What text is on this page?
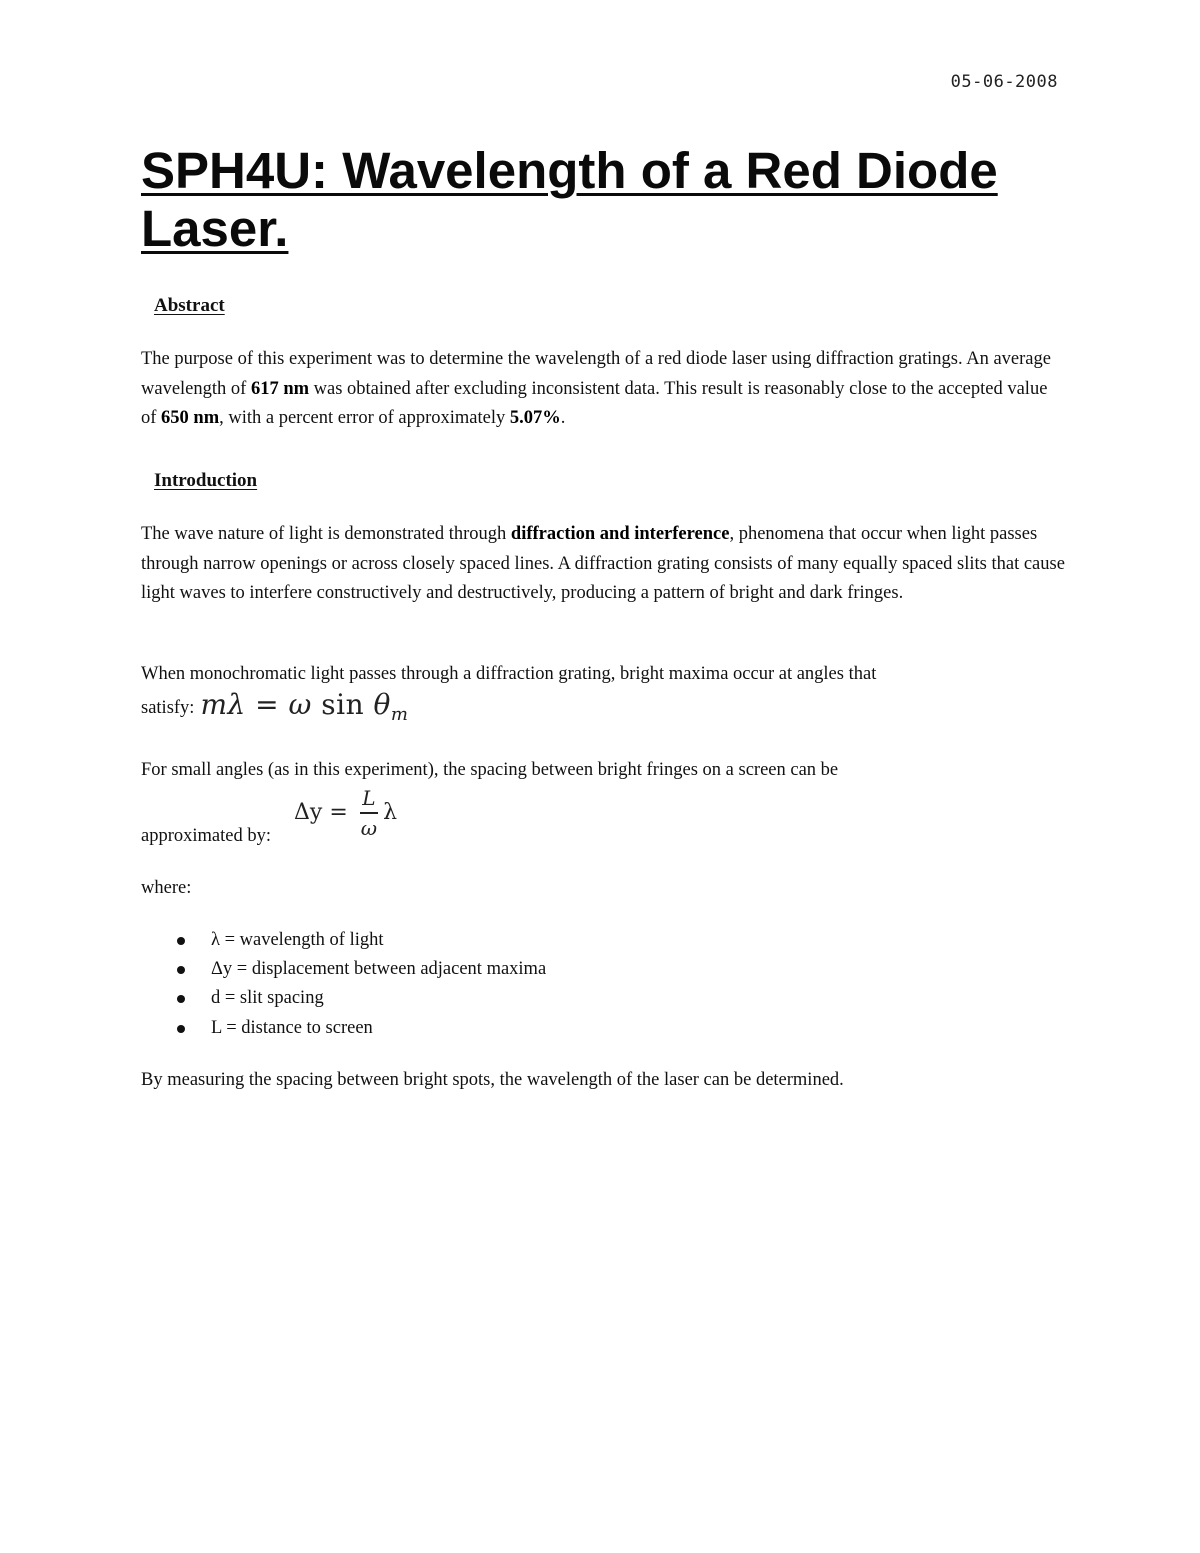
05-06-2008
SPH4U: Wavelength of a Red Diode Laser.
Abstract

The purpose of this experiment was to determine the wavelength of a red diode laser using diffraction gratings. An average wavelength of 617 nm was obtained after excluding inconsistent data. This result is reasonably close to the accepted value of 650 nm, with a percent error of approximately 5.07%.

Introduction

The wave nature of light is demonstrated through diffraction and interference, phenomena that occur when light passes through narrow openings or across closely spaced lines. A diffraction grating consists of many equally spaced slits that cause light waves to interfere constructively and destructively, producing a pattern of bright and dark fringes.

When monochromatic light passes through a diffraction grating, bright maxima occur at angles that
satisfy: mλ = ω $\sin \theta_m$

For small angles (as in this experiment), the spacing between bright fringes on a screen can be

$\Delta y = \frac{L}{\omega}$ λ

approximated by:

where:

λ = wavelength of light
Δy = displacement between adjacent maxima
d = slit spacing
L = distance to screen

By measuring the spacing between bright spots, the wavelength of the laser can be determined.
